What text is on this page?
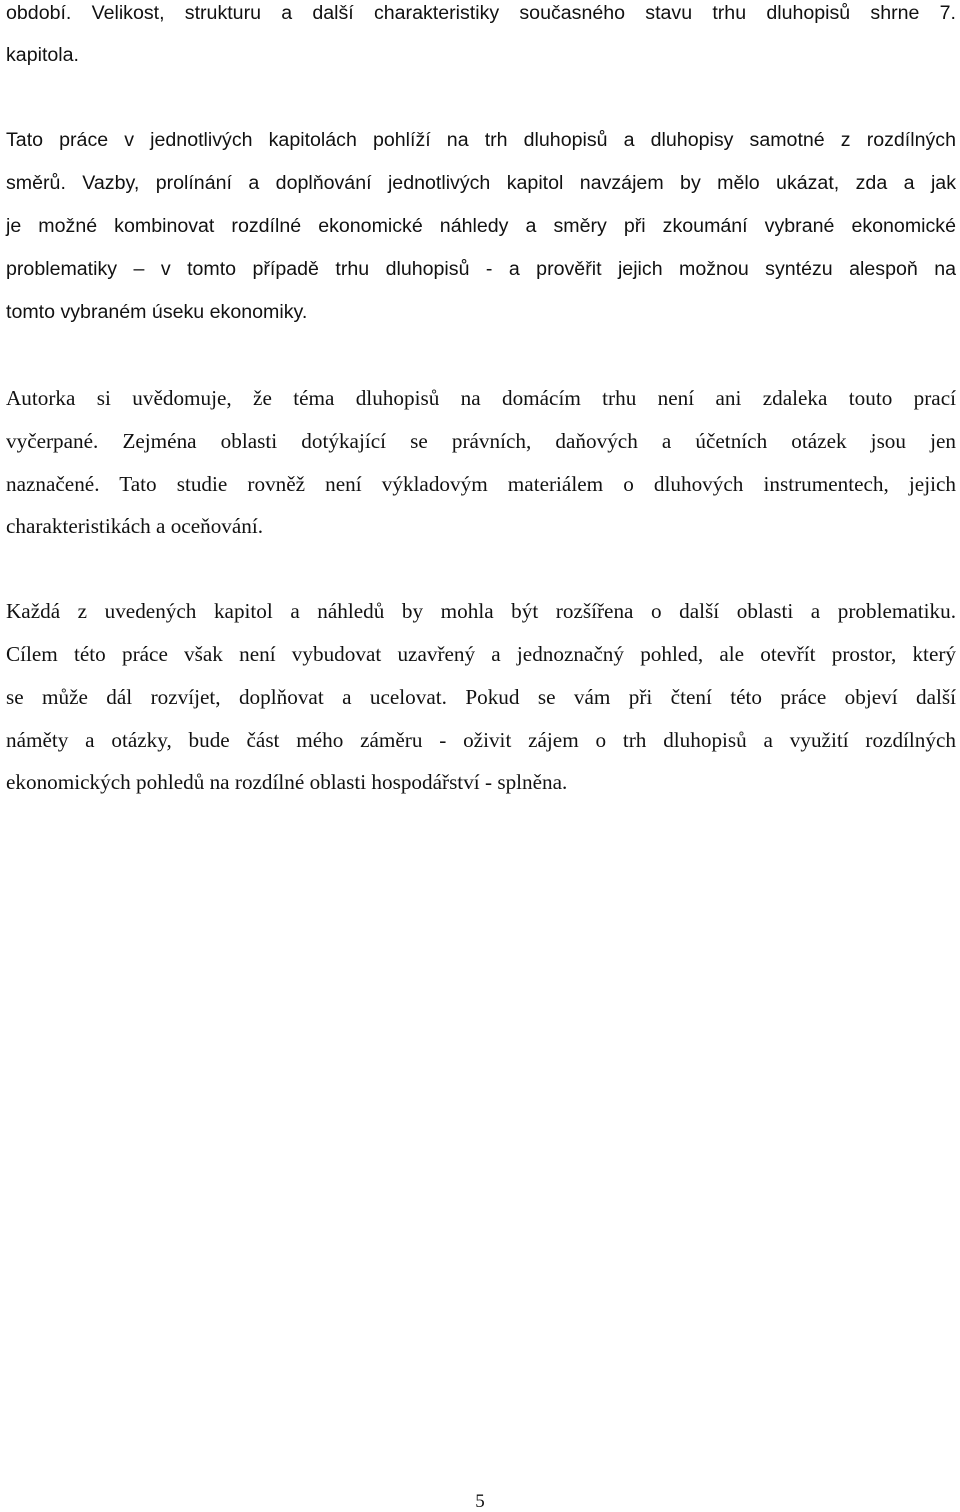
období. Velikost, strukturu a další charakteristiky současného stavu trhu dluhopisů shrne 7.
kapitola.
Tato práce v jednotlivých kapitolách pohlíží na trh dluhopisů a dluhopisy samotné z rozdílných
směrů. Vazby, prolínání a doplňování jednotlivých kapitol navzájem by mělo ukázat, zda a jak
je možné kombinovat rozdílné ekonomické náhledy a směry při zkoumání vybrané ekonomické
problematiky – v tomto případě trhu dluhopisů - a prověřit jejich možnou syntézu alespoň na
tomto vybraném úseku ekonomiky.
Autorka si uvědomuje, že téma dluhopisů na domácím trhu není ani zdaleka touto prací
vyčerpané. Zejména oblasti dotýkající se právních, daňových a účetních otázek jsou jen
naznačené. Tato studie rovněž není výkladovým materiálem o dluhových instrumentech, jejich
charakteristikách a oceňování.
Každá z uvedených kapitol a náhledů by mohla být rozšířena o další oblasti a problematiku.
Cílem této práce však není vybudovat uzavřený a jednoznačný pohled, ale otevřít prostor, který
se může dál rozvíjet, doplňovat a ucelovat. Pokud se vám při čtení této práce objeví další
náměty a otázky, bude část mého záměru - oživit zájem o trh dluhopisů a využití rozdílných
ekonomických pohledů na rozdílné oblasti hospodářství - splněna.
5
